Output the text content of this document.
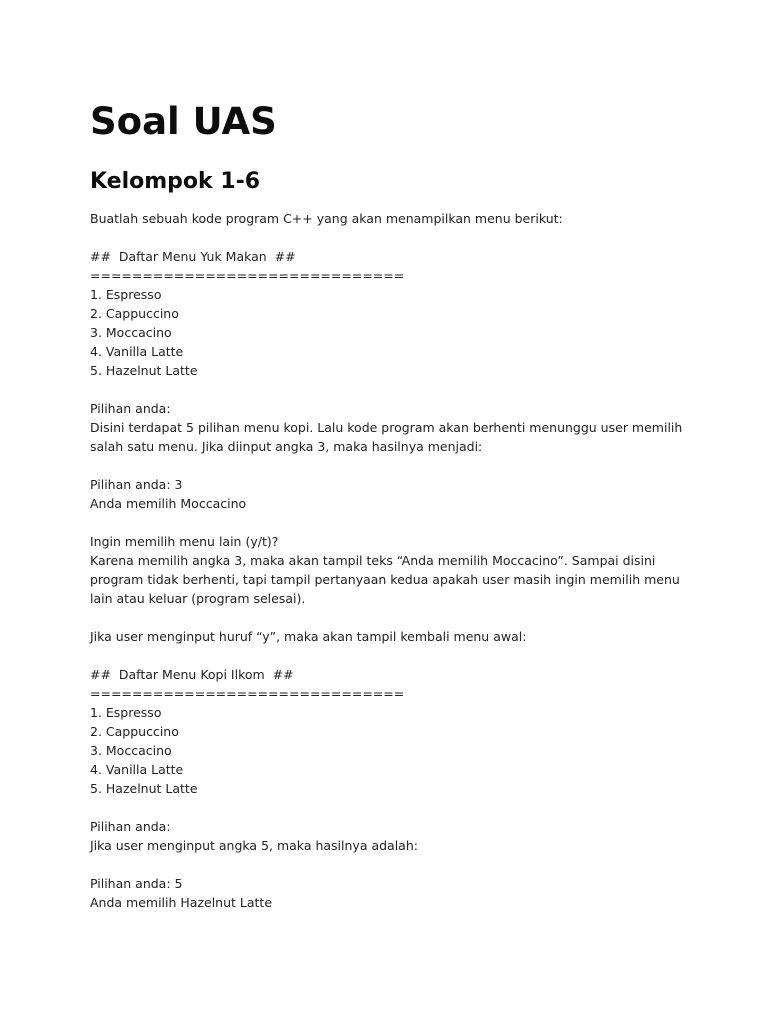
Soal UAS
Kelompok 1-6

Buatlah sebuah kode program C++ yang akan menampilkan menu berikut:

##  Daftar Menu Yuk Makan  ##

==============================

1. Espresso

2. Cappuccino

3. Moccacino

4. Vanilla Latte

5. Hazelnut Latte

Pilihan anda:

Disini terdapat 5 pilihan menu kopi. Lalu kode program akan berhenti menunggu user memilih

salah satu menu. Jika diinput angka 3, maka hasilnya menjadi:

Pilihan anda: 3

Anda memilih Moccacino

Ingin memilih menu lain (y/t)?

Karena memilih angka 3, maka akan tampil teks “Anda memilih Moccacino”. Sampai disini

program tidak berhenti, tapi tampil pertanyaan kedua apakah user masih ingin memilih menu

lain atau keluar (program selesai).

Jika user menginput huruf “y”, maka akan tampil kembali menu awal:

##  Daftar Menu Kopi Ilkom  ##

==============================

1. Espresso

2. Cappuccino

3. Moccacino

4. Vanilla Latte

5. Hazelnut Latte

Pilihan anda:

Jika user menginput angka 5, maka hasilnya adalah:

Pilihan anda: 5

Anda memilih Hazelnut Latte
